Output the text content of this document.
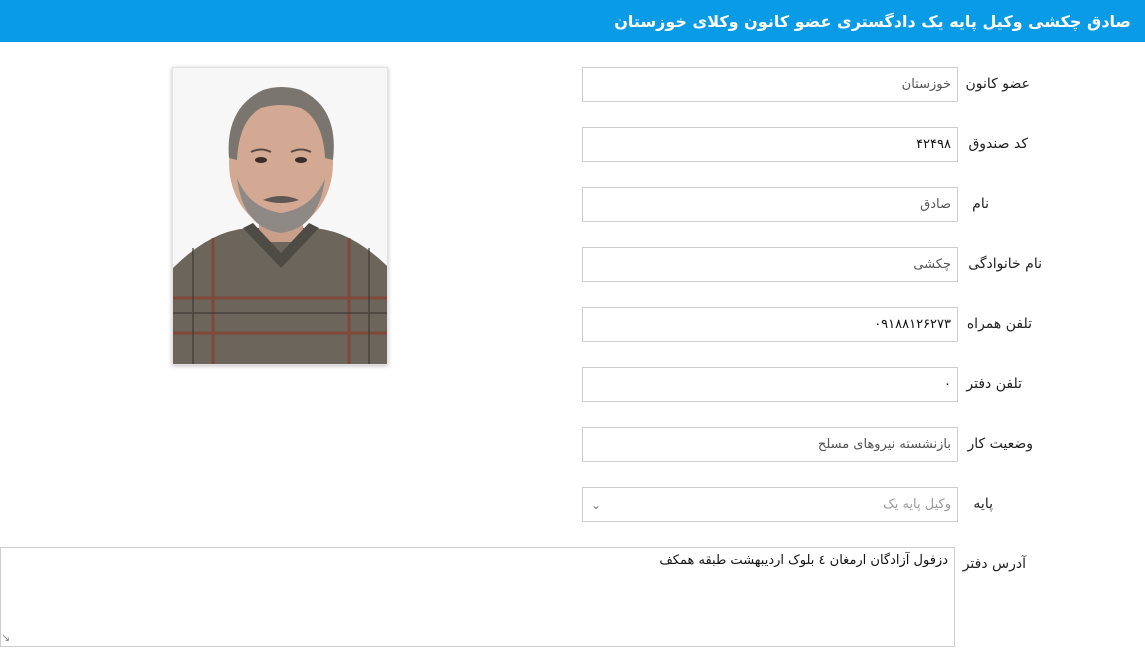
صادق چکشی وکیل پایه یک دادگستری عضو کانون وکلای خوزستان
عضو کانون
خوزستان
کد صندوق
۴۲۴۹۸
نام
صادق
نام خانوادگی
چکشی
تلفن همراه
۰۹۱۸۸۱۲۶۲۷۳
تلفن دفتر
۰
وضعیت کار
بازنشسته نیروهای مسلح
پایه
وکیل پایه یک
⌄
آدرس دفتر
دزفول آزادگان ارمغان ٤ بلوک اردیبهشت طبقه همکف
↘
